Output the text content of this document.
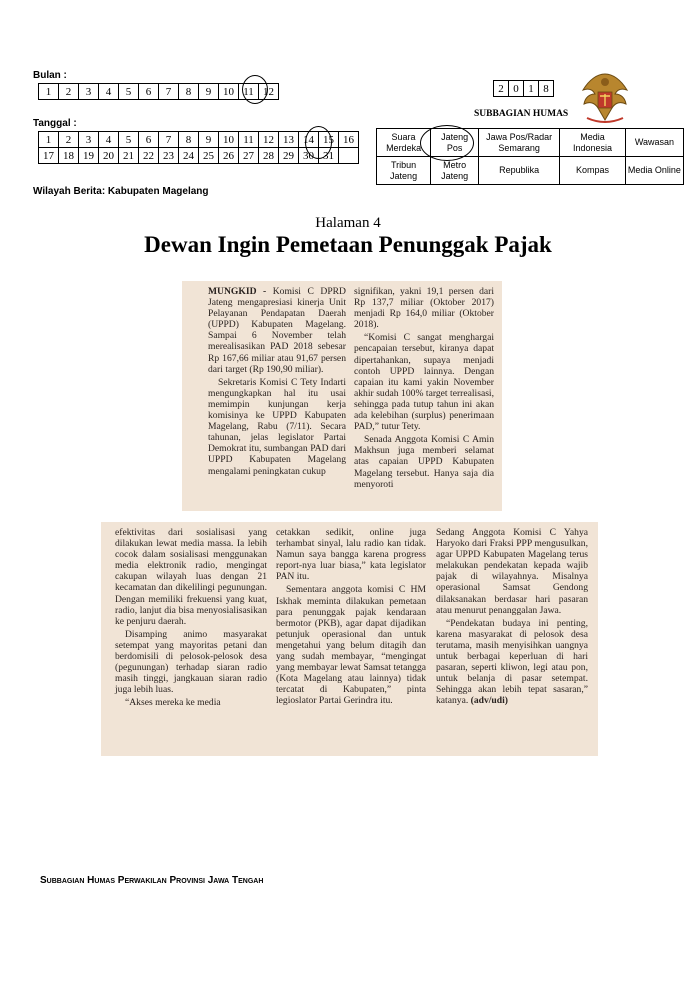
Bulan :
1	2	3	4	5	6	7	8	9	10	11	12
Tanggal :
1	2	3	4	5	6	7	8	9	10	11	12	13	14	15	16
17	18	19	20	21	22	23	24	25	26	27	28	29	30	31	
2	0	1	8
SUBBAGIAN HUMAS
Suara Merdeka	Jateng Pos	Jawa Pos/Radar Semarang	Media Indonesia	Wawasan
Tribun Jateng	Metro Jateng	Republika	Kompas	Media Online
Wilayah Berita: Kabupaten Magelang
Halaman 4
Dewan Ingin Pemetaan Penunggak Pajak

MUNGKID - Komisi C DPRD Jateng mengapresiasi kinerja Unit Pelayanan Pendapatan Daerah (UPPD) Kabupaten Magelang. Sampai 6 November telah merealisasikan PAD 2018 sebesar Rp 167,66 miliar atau 91,67 persen dari target (Rp 190,90 miliar).

Sekretaris Komisi C Tety Indarti mengungkapkan hal itu usai memimpin kunjungan kerja komisinya ke UPPD Kabupaten Magelang, Rabu (7/11). Secara tahunan, jelas legislator Partai Demokrat itu, sumbangan PAD dari UPPD Kabupaten Magelang mengalami peningkatan cukup

signifikan, yakni 19,1 persen dari Rp 137,7 miliar (Oktober 2017) menjadi Rp 164,0 miliar (Oktober 2018).

“Komisi C sangat menghargai pencapaian tersebut, kiranya dapat dipertahankan, supaya menjadi contoh UPPD lainnya. Dengan capaian itu kami yakin November akhir sudah 100% target terrealisasi, sehingga pada tutup tahun ini akan ada kelebihan (surplus) penerimaan PAD,” tutur Tety.

Senada Anggota Komisi C Amin Makhsun juga memberi selamat atas capaian UPPD Kabupaten Magelang tersebut. Hanya saja dia menyoroti

efektivitas dari sosialisasi yang dilakukan lewat media massa. Ia lebih cocok dalam sosialisasi menggunakan media elektronik radio, mengingat cakupan wilayah luas dengan 21 kecamatan dan dikelilingi pegunungan. Dengan memiliki frekuensi yang kuat, radio, lanjut dia bisa menyosialisasikan ke penjuru daerah.

Disamping animo masyarakat setempat yang mayoritas petani dan berdomisili di pelosok-pelosok desa (pegunungan) terhadap siaran radio masih tinggi, jangkauan siaran radio juga lebih luas.

“Akses mereka ke media

cetakkan sedikit, online juga terhambat sinyal, lalu radio kan tidak. Namun saya bangga karena progress report-nya luar biasa,” kata legislator PAN itu.

Sementara anggota komisi C HM Iskhak meminta dilakukan pemetaan para penunggak pajak kendaraan bermotor (PKB), agar dapat dijadikan petunjuk operasional dan untuk mengetahui yang belum ditagih dan yang sudah membayar, “mengingat yang membayar lewat Samsat tetangga (Kota Magelang atau lainnya) tidak tercatat di Kabupaten,” pinta legioslator Partai Gerindra itu.

Sedang Anggota Komisi C Yahya Haryoko dari Fraksi PPP mengusulkan, agar UPPD Kabupaten Magelang terus melakukan pendekatan kepada wajib pajak di wilayahnya. Misalnya operasional Samsat Gendong dilaksanakan berdasar hari pasaran atau menurut penanggalan Jawa.

“Pendekatan budaya ini penting, karena masyarakat di pelosok desa terutama, masih menyisihkan uangnya untuk berbagai keperluan di hari pasaran, seperti kliwon, legi atau pon, untuk belanja di pasar setempat. Sehingga akan lebih tepat sasaran,” katanya. (adv/udi)

Subbagian Humas Perwakilan Provinsi Jawa Tengah
